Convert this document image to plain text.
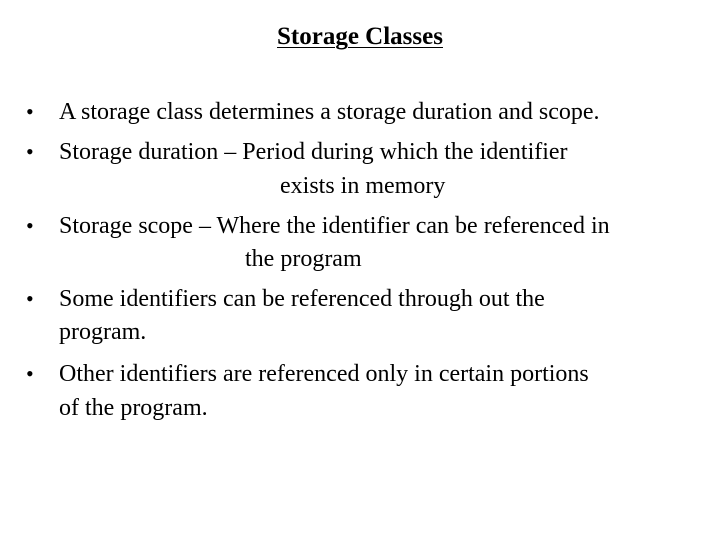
Storage Classes
• A storage class determines a storage duration and scope.
• Storage duration – Period during which the identifier
exists in memory
• Storage scope – Where the identifier can be referenced in
the program
• Some identifiers can be referenced through out the
program.
• Other identifiers are referenced only in certain portions
of the program.
